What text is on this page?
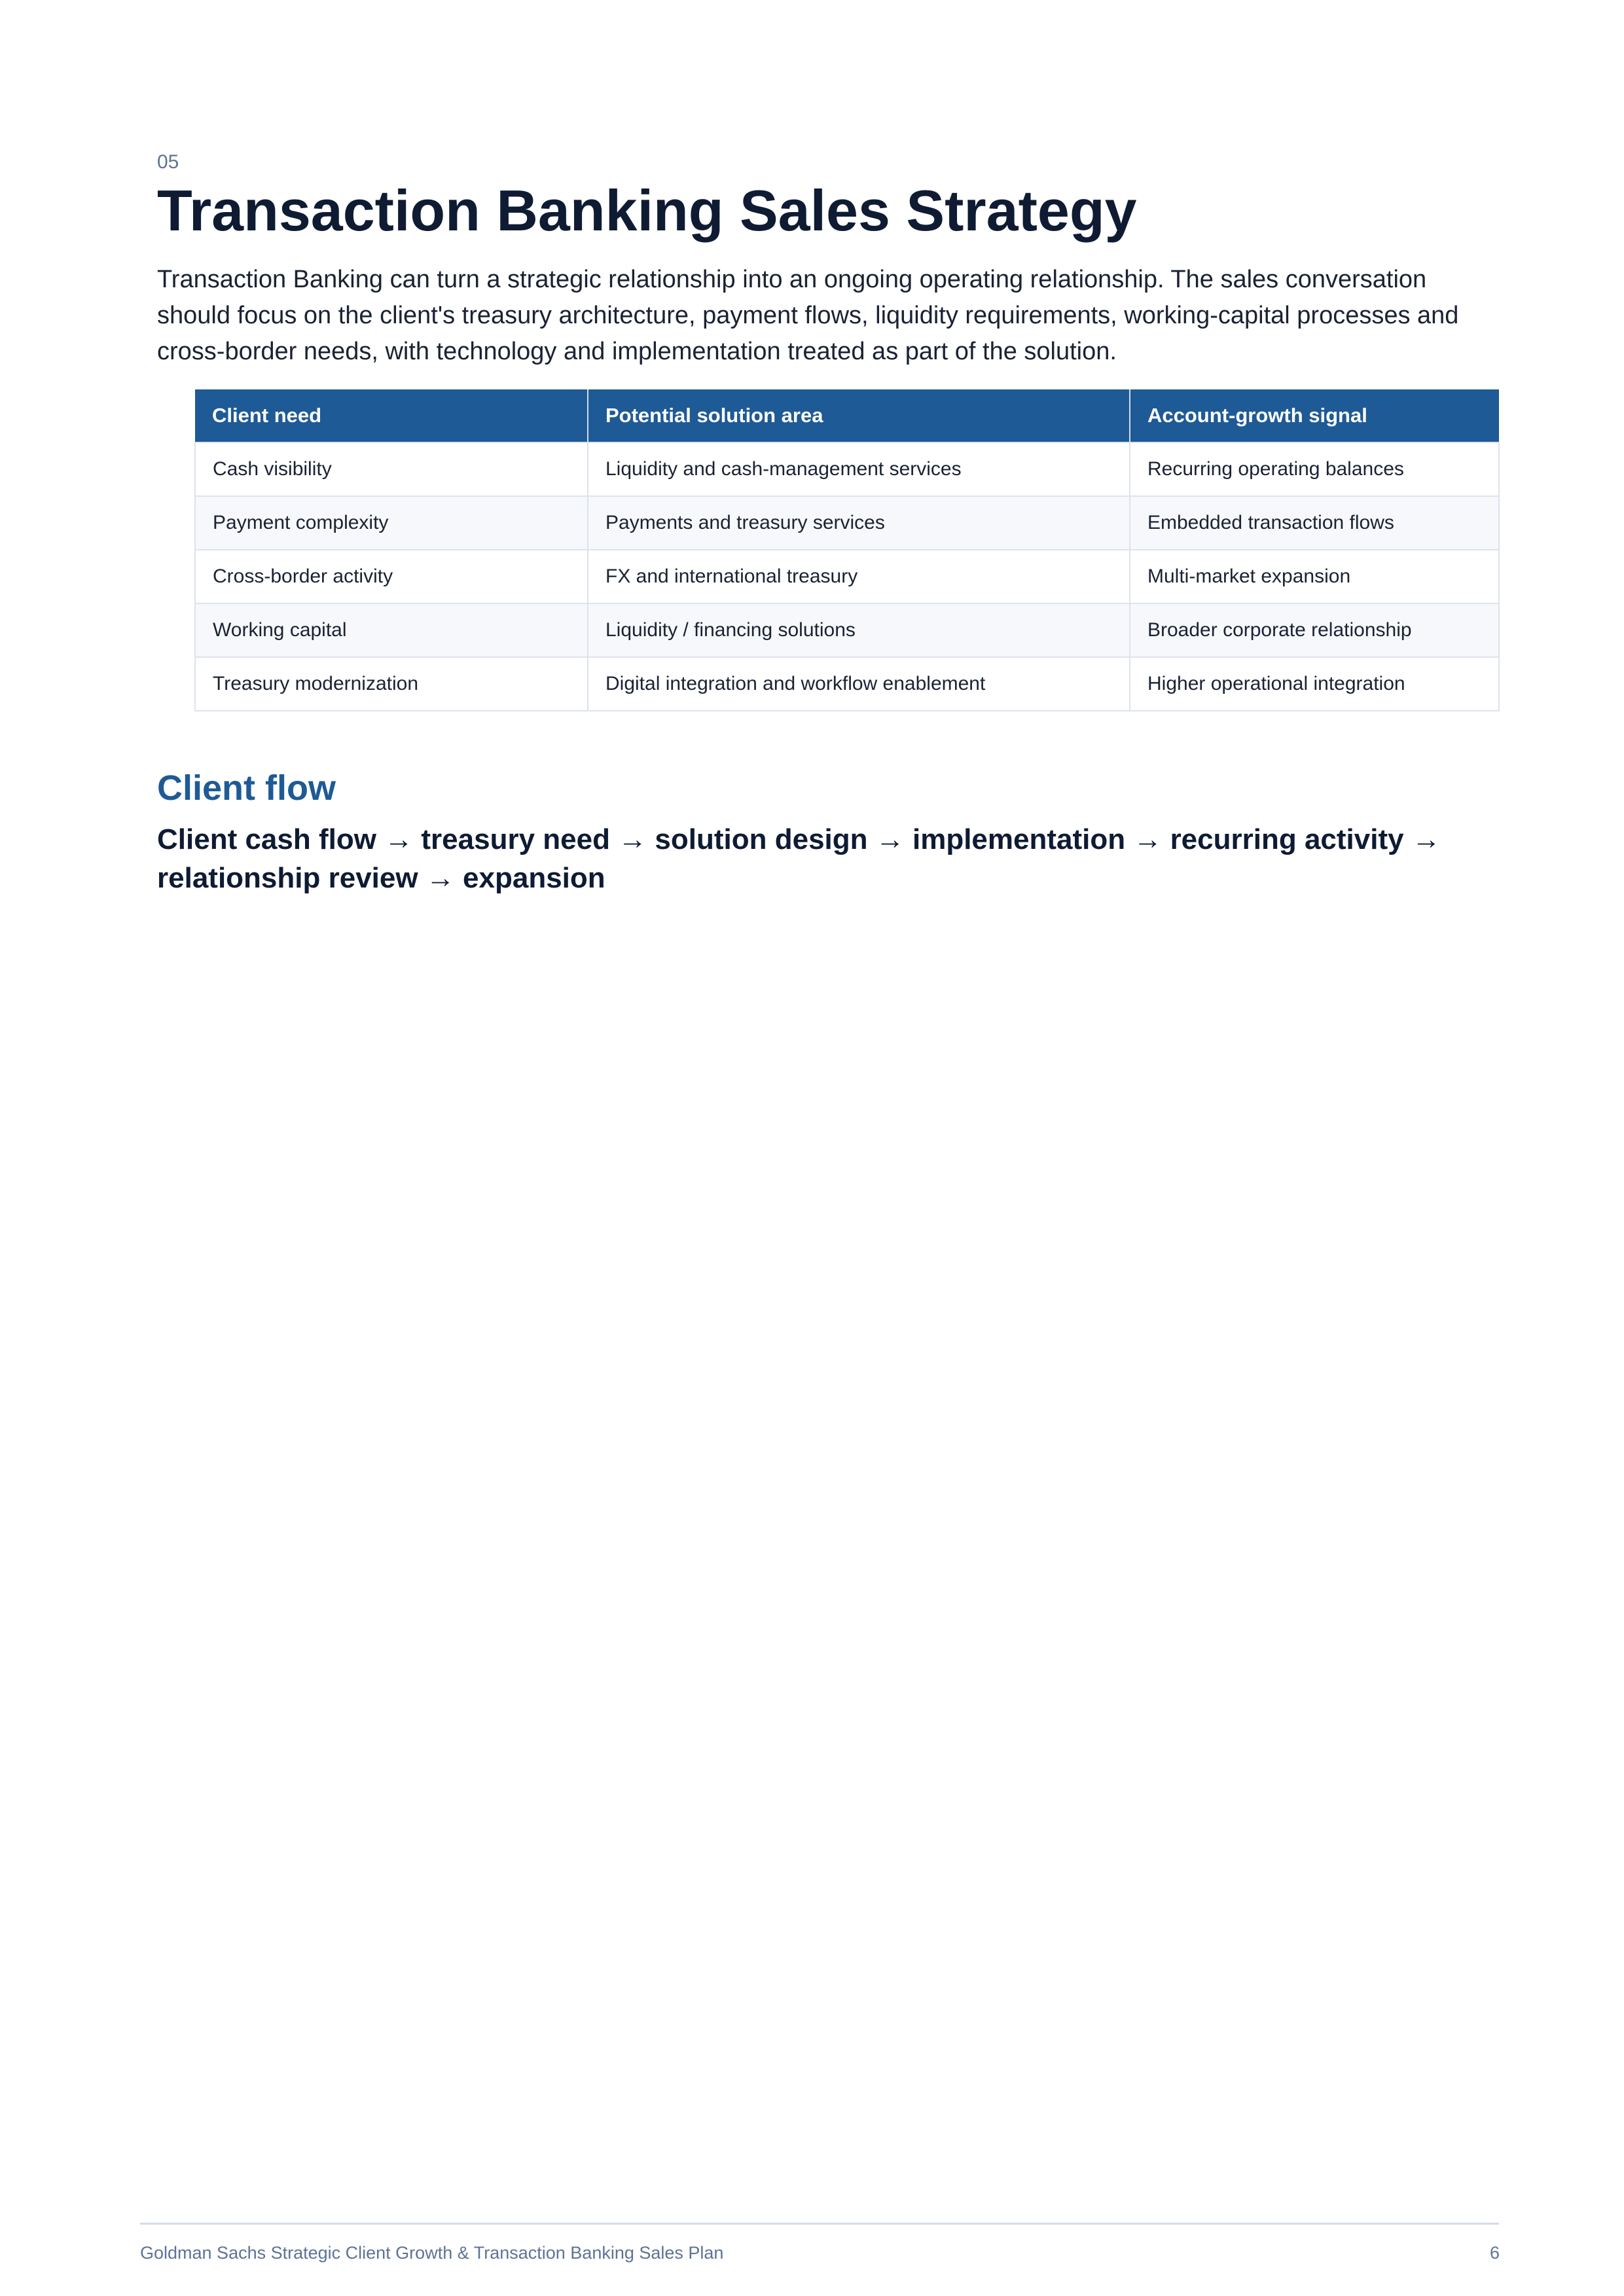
05

Transaction Banking Sales Strategy

Transaction Banking can turn a strategic relationship into an ongoing operating relationship. The sales conversation should focus on the client's treasury architecture, payment flows, liquidity requirements, working-capital processes and cross-border needs, with technology and implementation treated as part of the solution.

Client need	Potential solution area	Account-growth signal
Cash visibility	Liquidity and cash-management services	Recurring operating balances
Payment complexity	Payments and treasury services	Embedded transaction flows
Cross-border activity	FX and international treasury	Multi-market expansion
Working capital	Liquidity / financing solutions	Broader corporate relationship
Treasury modernization	Digital integration and workflow enablement	Higher operational integration
Client flow

Client cash flow → treasury need → solution design → implementation → recurring activity → relationship review → expansion

Goldman Sachs Strategic Client Growth & Transaction Banking Sales Plan	6
